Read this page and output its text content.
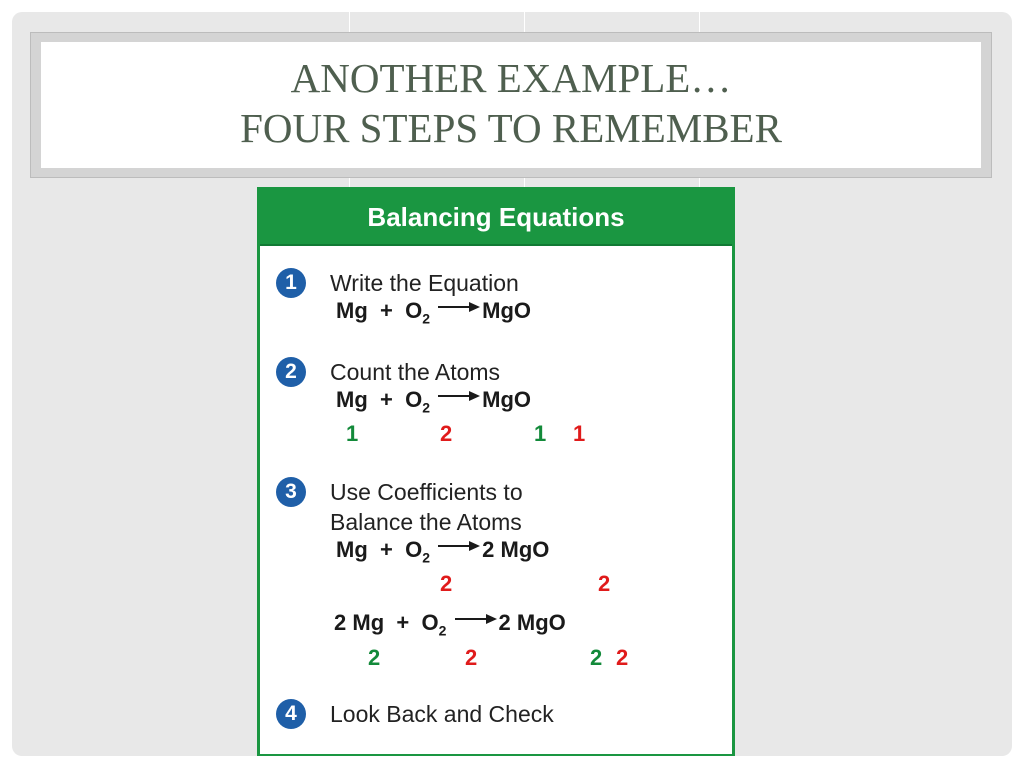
ANOTHER EXAMPLE…
FOUR STEPS TO REMEMBER
Balancing Equations
1	Write the Equation
$Mg + O_2$ → MgO
2	Count the Atoms
$Mg + O_2$ → MgO
1	2	1 1
3	Use Coefficients to
Balance the Atoms
$Mg + O_2 \to 2$ MgO
2	2
2 $Mg + O_2 \to 2$ MgO
2	2	2 2
4	Look Back and Check
